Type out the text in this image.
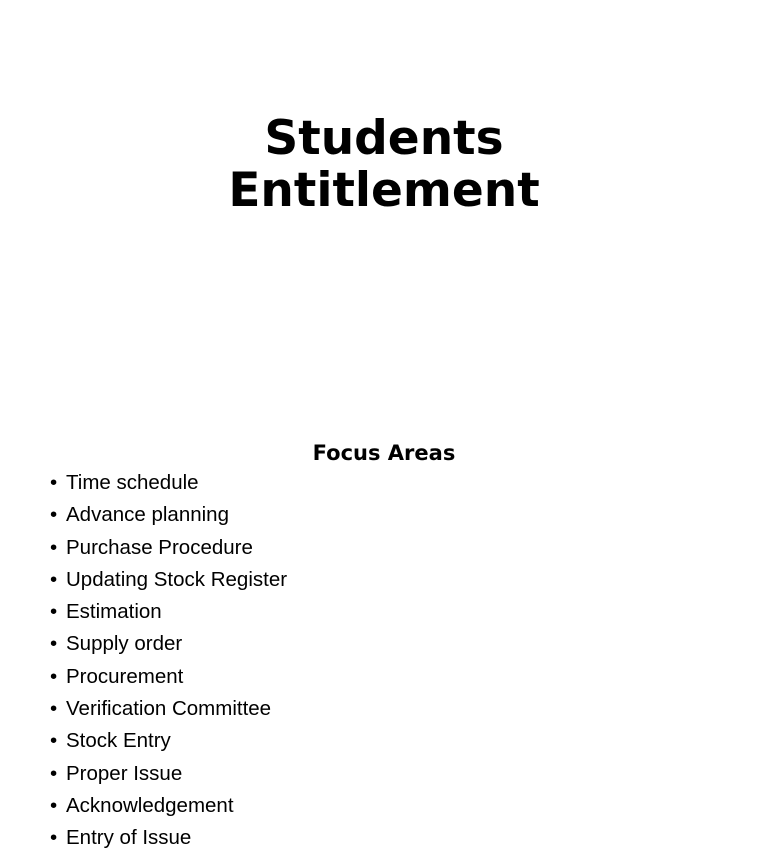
Students
Entitlement
Focus Areas
• Time schedule
• Advance planning
• Purchase Procedure
• Updating Stock Register
• Estimation
• Supply order
• Procurement
• Verification Committee
• Stock Entry
• Proper Issue
• Acknowledgement
• Entry of Issue
